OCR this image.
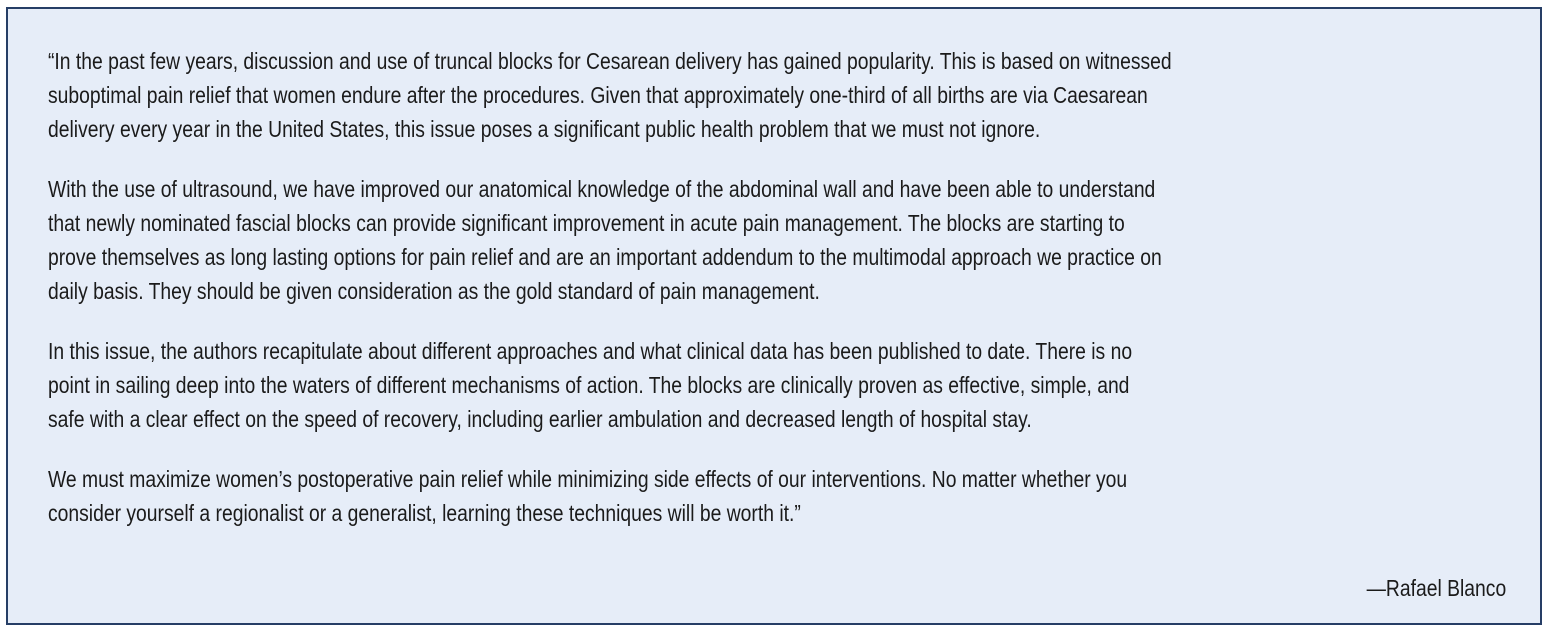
“In the past few years, discussion and use of truncal blocks for Cesarean delivery has gained popularity. This is based on witnessed
suboptimal pain relief that women endure after the procedures. Given that approximately one-third of all births are via Caesarean
delivery every year in the United States, this issue poses a significant public health problem that we must not ignore.

With the use of ultrasound, we have improved our anatomical knowledge of the abdominal wall and have been able to understand
that newly nominated fascial blocks can provide significant improvement in acute pain management. The blocks are starting to
prove themselves as long lasting options for pain relief and are an important addendum to the multimodal approach we practice on
daily basis. They should be given consideration as the gold standard of pain management.

In this issue, the authors recapitulate about different approaches and what clinical data has been published to date. There is no
point in sailing deep into the waters of different mechanisms of action. The blocks are clinically proven as effective, simple, and
safe with a clear effect on the speed of recovery, including earlier ambulation and decreased length of hospital stay.

We must maximize women’s postoperative pain relief while minimizing side effects of our interventions. No matter whether you
consider yourself a regionalist or a generalist, learning these techniques will be worth it.”

—Rafael Blanco
